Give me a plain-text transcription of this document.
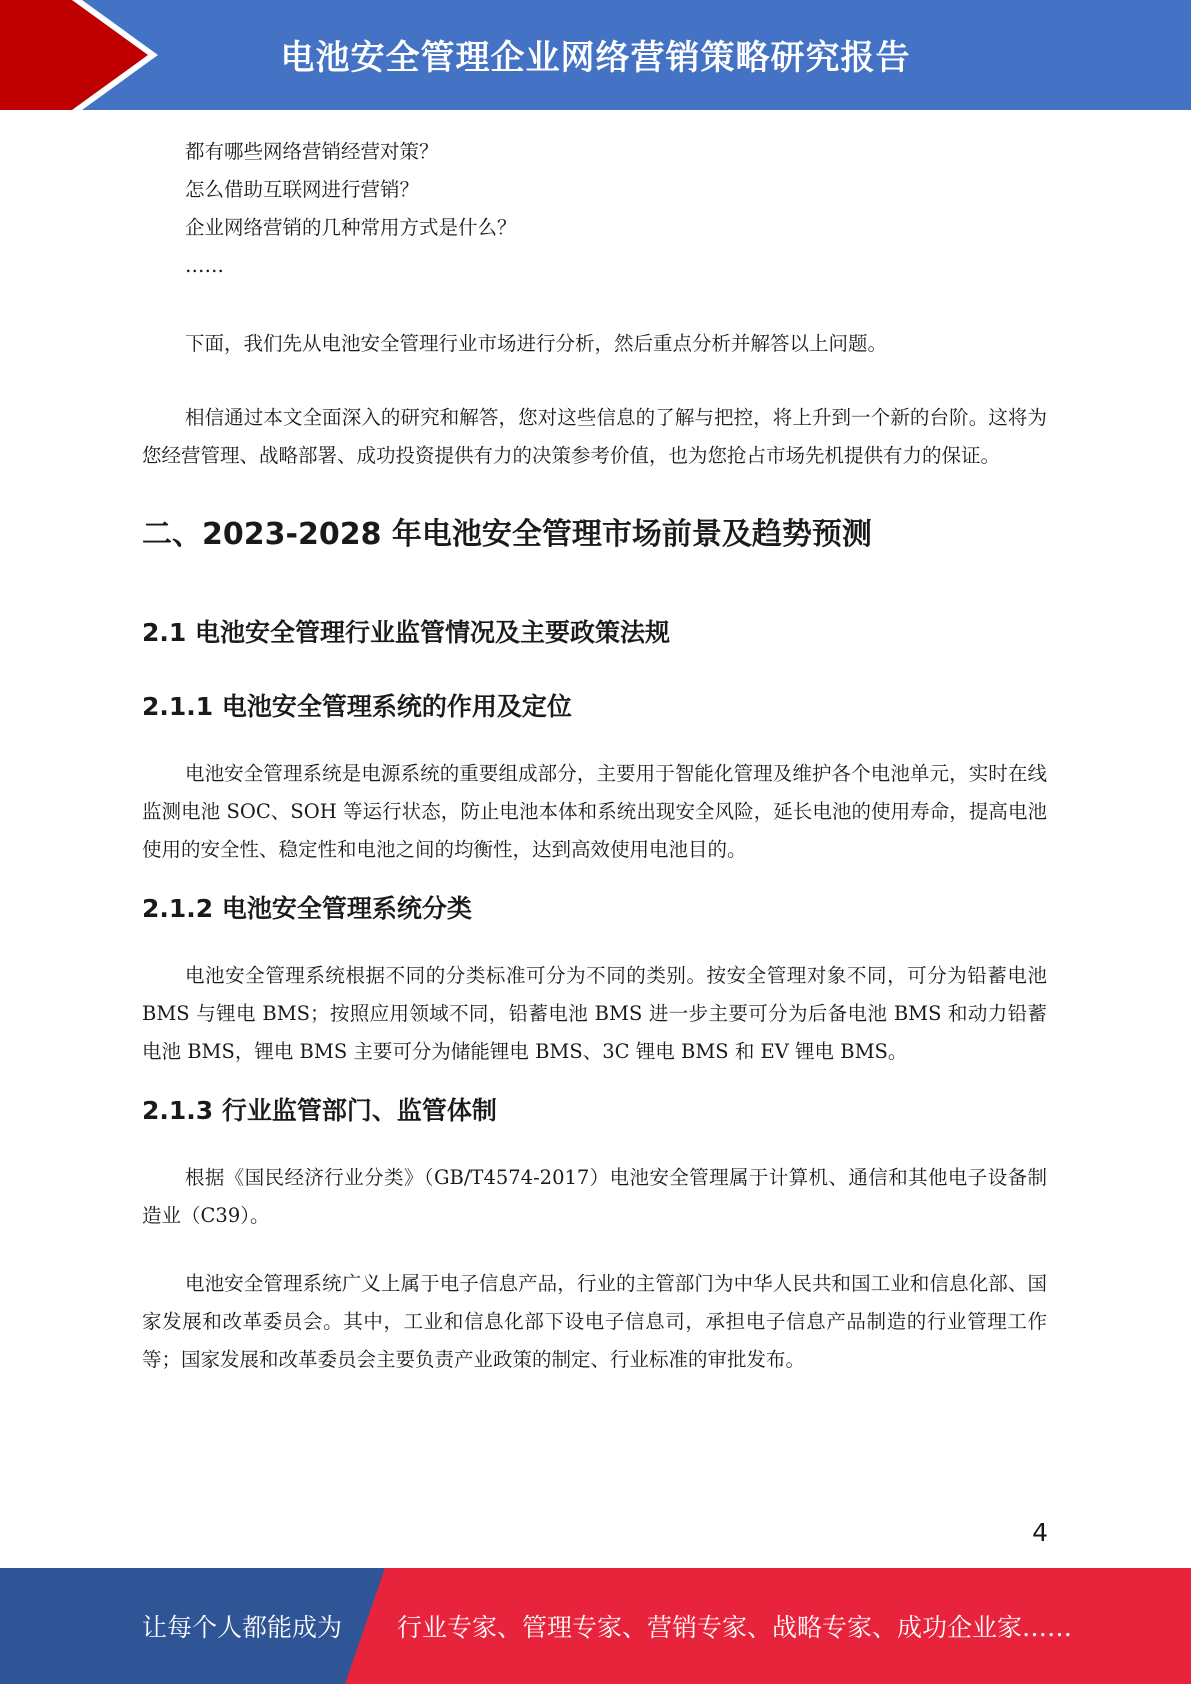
电池安全管理企业网络营销策略研究报告

都有哪些网络营销经营对策？

怎么借助互联网进行营销？

企业网络营销的几种常用方式是什么？

……

下面，我们先从电池安全管理行业市场进行分析，然后重点分析并解答以上问题。

相信通过本文全面深入的研究和解答，您对这些信息的了解与把控，将上升到一个新的台阶。这将为您经营管理、战略部署、成功投资提供有力的决策参考价值，也为您抢占市场先机提供有力的保证。

二、2023-2028 年电池安全管理市场前景及趋势预测
2.1 电池安全管理行业监管情况及主要政策法规
2.1.1 电池安全管理系统的作用及定位

电池安全管理系统是电源系统的重要组成部分，主要用于智能化管理及维护各个电池单元，实时在线监测电池 SOC、SOH 等运行状态，防止电池本体和系统出现安全风险，延长电池的使用寿命，提高电池使用的安全性、稳定性和电池之间的均衡性，达到高效使用电池目的。

2.1.2 电池安全管理系统分类

电池安全管理系统根据不同的分类标准可分为不同的类别。按安全管理对象不同，可分为铅蓄电池 BMS 与锂电 BMS；按照应用领域不同，铅蓄电池 BMS 进一步主要可分为后备电池 BMS 和动力铅蓄电池 BMS，锂电 BMS 主要可分为储能锂电 BMS、3C 锂电 BMS 和 EV 锂电 BMS。

2.1.3 行业监管部门、监管体制

根据《国民经济行业分类》（GB/T4574-2017）电池安全管理属于计算机、通信和其他电子设备制造业（C39）。

电池安全管理系统广义上属于电子信息产品，行业的主管部门为中华人民共和国工业和信息化部、国家发展和改革委员会。其中，工业和信息化部下设电子信息司，承担电子信息产品制造的行业管理工作等；国家发展和改革委员会主要负责产业政策的制定、行业标准的审批发布。

4
让每个人都能成为 行业专家、管理专家、营销专家、战略专家、成功企业家……
